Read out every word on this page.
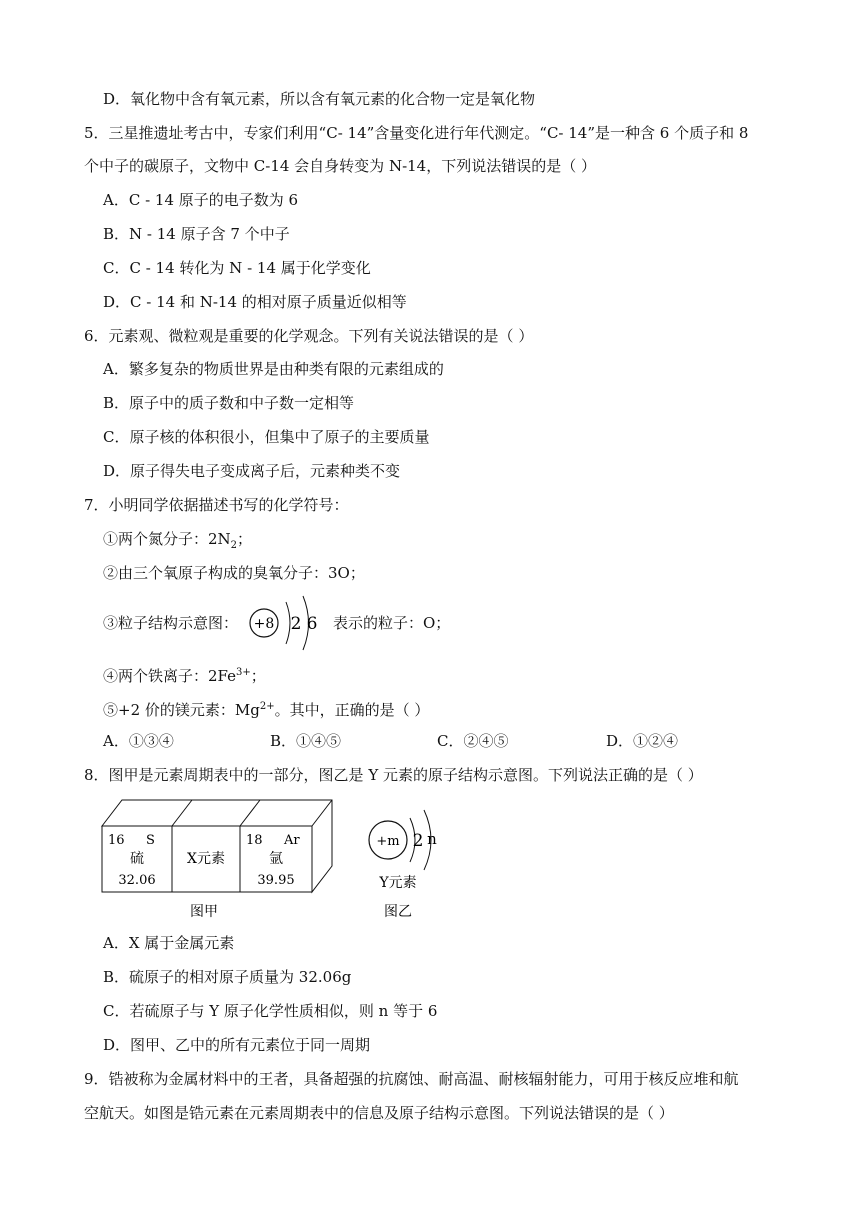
D．氧化物中含有氧元素，所以含有氧元素的化合物一定是氧化物
5．三星推遗址考古中，专家们利用“C- 14”含量变化进行年代测定。“C- 14”是一种含 6 个质子和 8
个中子的碳原子，文物中 C-14 会自身转变为 N-14，下列说法错误的是（ ）
A．C - 14 原子的电子数为 6
B．N - 14 原子含 7 个中子
C．C - 14 转化为 N - 14 属于化学变化
D．C - 14 和 N-14 的相对原子质量近似相等
6．元素观、微粒观是重要的化学观念。下列有关说法错误的是（ ）
A．繁多复杂的物质世界是由种类有限的元素组成的
B．原子中的质子数和中子数一定相等
C．原子核的体积很小，但集中了原子的主要质量
D．原子得失电子变成离子后，元素种类不变
7．小明同学依据描述书写的化学符号：
①两个氮分子：$2N_2$；
②由三个氧原子构成的臭氧分子：3O；
③粒子结构示意图： +8 2 6 表示的粒子：O；
④两个铁离子：$2Fe^{3+}$；
⑤+2 价的镁元素：$Mg^{2+}$。其中，正确的是（ ）
A．①③④	B．①④⑤	C．②④⑤	D．①②④
8．图甲是元素周期表中的一部分，图乙是 Y 元素的原子结构示意图。下列说法正确的是（ ）
16 S
硫
32.06
X元素
18 Ar
氩
39.95
图甲
+m 2 n
Y元素
图乙
A．X 属于金属元素
B．硫原子的相对原子质量为 32.06g
C．若硫原子与 Y 原子化学性质相似，则 n 等于 6
D．图甲、乙中的所有元素位于同一周期
9．锆被称为金属材料中的王者，具备超强的抗腐蚀、耐高温、耐核辐射能力，可用于核反应堆和航
空航天。如图是锆元素在元素周期表中的信息及原子结构示意图。下列说法错误的是（ ）
